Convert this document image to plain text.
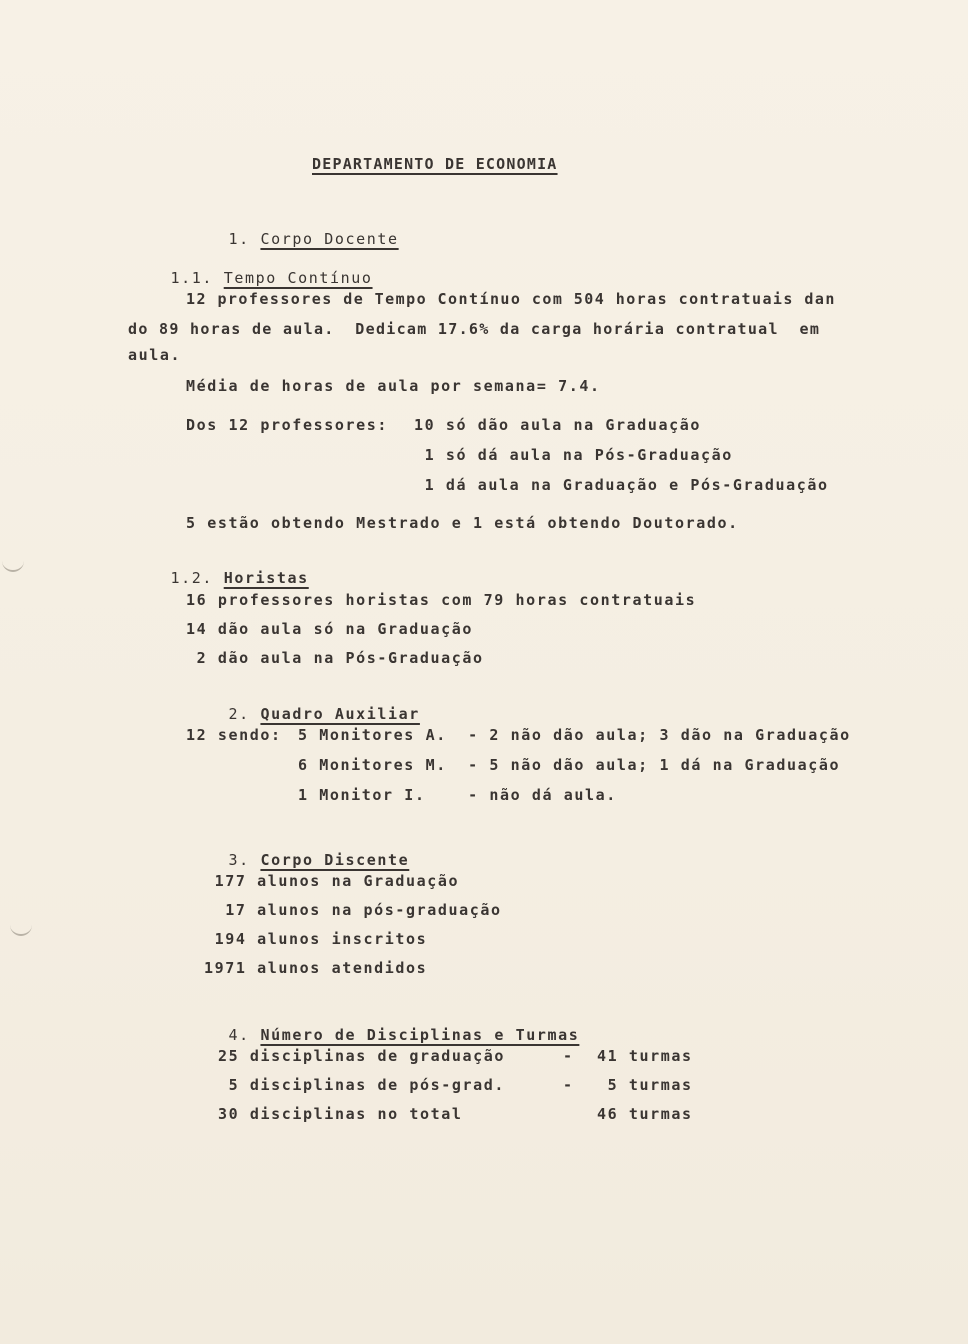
DEPARTAMENTO DE ECONOMIA

1. Corpo Docente

1.1. Tempo Contínuo

12 professores de Tempo Contínuo com 504 horas contratuais dan
do 89 horas de aula.  Dedicam 17.6% da carga horária contratual  em
aula.
Média de horas de aula por semana= 7.4.
Dos 12 professores: 10 só dão aula na Graduação
1 só dá aula na Pós-Graduação
1 dá aula na Graduação e Pós-Graduação
5 estão obtendo Mestrado e 1 está obtendo Doutorado.

1.2. Horistas

16 professores horistas com 79 horas contratuais
14 dão aula só na Graduação
2 dão aula na Pós-Graduação

2. Quadro Auxiliar

12 sendo: 5 Monitores A.  - 2 não dão aula; 3 dão na Graduação
6 Monitores M.  - 5 não dão aula; 1 dá na Graduação
1 Monitor I.    - não dá aula.

3. Corpo Discente

177 alunos na Graduação
17 alunos na pós-graduação
194 alunos inscritos
1971 alunos atendidos

4. Número de Disciplinas e Turmas

25 disciplinas de graduação	- 41 turmas
5 disciplinas de pós-grad.	- 5 turmas
30 disciplinas no total	46 turmas
